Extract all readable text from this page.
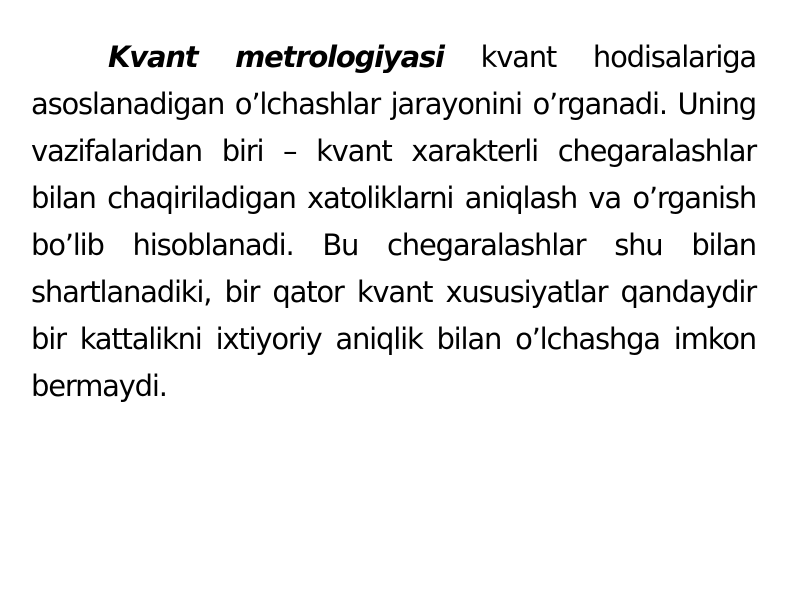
Kvant metrologiyasi kvant hodisalariga asoslanadigan o’lchashlar jarayonini o’rganadi. Uning vazifalaridan biri – kvant xarakterli chegaralashlar bilan chaqiriladigan xatoliklarni aniqlash va o’rganish bo’lib hisoblanadi. Bu chegaralashlar shu bilan shartlanadiki, bir qator kvant xususiyatlar qandaydir bir kattalikni ixtiyoriy aniqlik bilan o’lchashga imkon bermaydi.
